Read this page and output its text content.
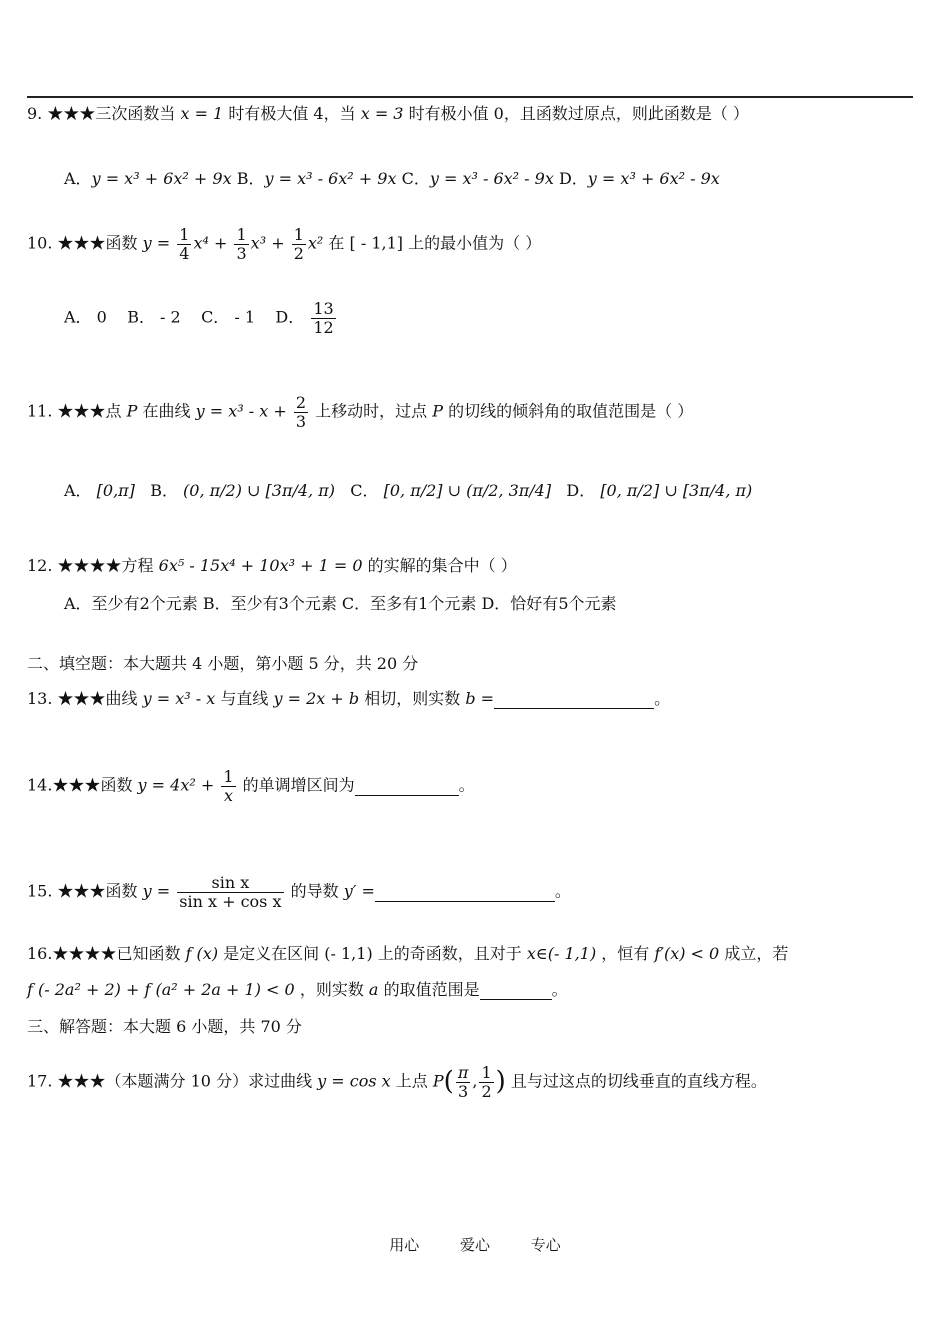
9. ★★★三次函数当 x = 1 时有极大值 4，当 x = 3 时有极小值 0，且函数过原点，则此函数是（ ）
A．y = x³ + 6x² + 9x B．y = x³ - 6x² + 9x C．y = x³ - 6x² - 9x D．y = x³ + 6x² - 9x
10. ★★★函数 $y = \frac{1}{4} x^4 + \frac{1}{3} x^3 + \frac{1}{2} x^2$ 在 [ - 1,1] 上的最小值为（ ）
A． 0 B． - 2 C． - 1 D． $\frac{13}{12}$
11. ★★★点 P 在曲线 $y = x^3 - x + \frac{2}{3}$ 上移动时，过点 P 的切线的倾斜角的取值范围是（ ）
A． [0,π] B． (0, π/2) ∪ [3π/4, π) C． [0, π/2] ∪ (π/2, 3π/4] D． [0, π/2] ∪ [3π/4, π)
12. ★★★★方程 6x⁵ - 15x⁴ + 10x³ + 1 = 0 的实解的集合中（ ）
A．至少有2个元素 B．至少有3个元素 C．至多有1个元素 D．恰好有5个元素
二、填空题：本大题共 4 小题，第小题 5 分，共 20 分
13. ★★★曲线 y = x³ - x 与直线 y = 2x + b 相切，则实数 b =	。
14.★★★函数 $y = 4x^2 + \frac{1}{x}$ 的单调增区间为	。
15. ★★★函数 $y = \frac{\text{sin x}}{\text{sin x + cos x}}$ 的导数 y′ =	。
16.★★★★已知函数 f (x) 是定义在区间 (- 1,1) 上的奇函数，且对于 x∈(- 1,1) ，恒有 f′(x) < 0 成立，若
f (- 2a² + 2) + f (a² + 2a + 1) < 0 ，则实数 a 的取值范围是	。
三、解答题：本大题 6 小题，共 70 分
17. ★★★（本题满分 10 分）求过曲线 y = cos x 上点 $P( \frac{\pi}{3}$ , $\frac{1}{2}$ ) 且与过这点的切线垂直的直线方程。
用心	爱心	专心
